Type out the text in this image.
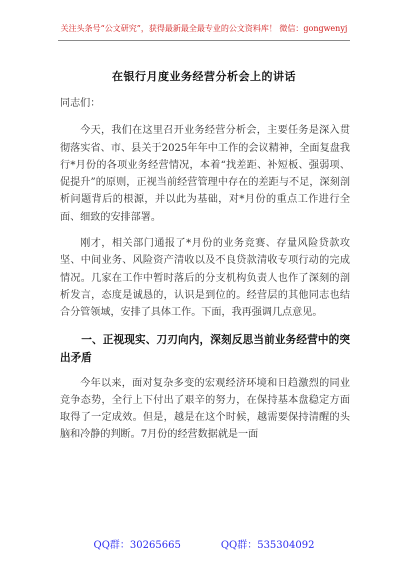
关注头条号“公文研究”，获得最新最全最专业的公文资料库！ 微信：gongwenyj
在银行月度业务经营分析会上的讲话

同志们：

今天，我们在这里召开业务经营分析会，主要任务是深入贯彻落实省、市、县关于2025年年中工作的会议精神，全面复盘我行*月份的各项业务经营情况，本着“找差距、补短板、强弱项、促提升”的原则，正视当前经营管理中存在的差距与不足，深刻剖析问题背后的根源，并以此为基础，对*月份的重点工作进行全面、细致的安排部署。

刚才，相关部门通报了*月份的业务竞赛、存量风险贷款攻坚、中间业务、风险资产清收以及不良贷款清收专项行动的完成情况。几家在工作中暂时落后的分支机构负责人也作了深刻的剖析发言，态度是诚恳的，认识是到位的。经营层的其他同志也结合分管领域，安排了具体工作。下面，我再强调几点意见。

一、正视现实、刀刃向内，深刻反思当前业务经营中的突出矛盾

今年以来，面对复杂多变的宏观经济环境和日趋激烈的同业竞争态势，全行上下付出了艰辛的努力，在保持基本盘稳定方面取得了一定成效。但是，越是在这个时候，越需要保持清醒的头脑和冷静的判断。7月份的经营数据就是一面

QQ群：30265665	QQ群：535304092
